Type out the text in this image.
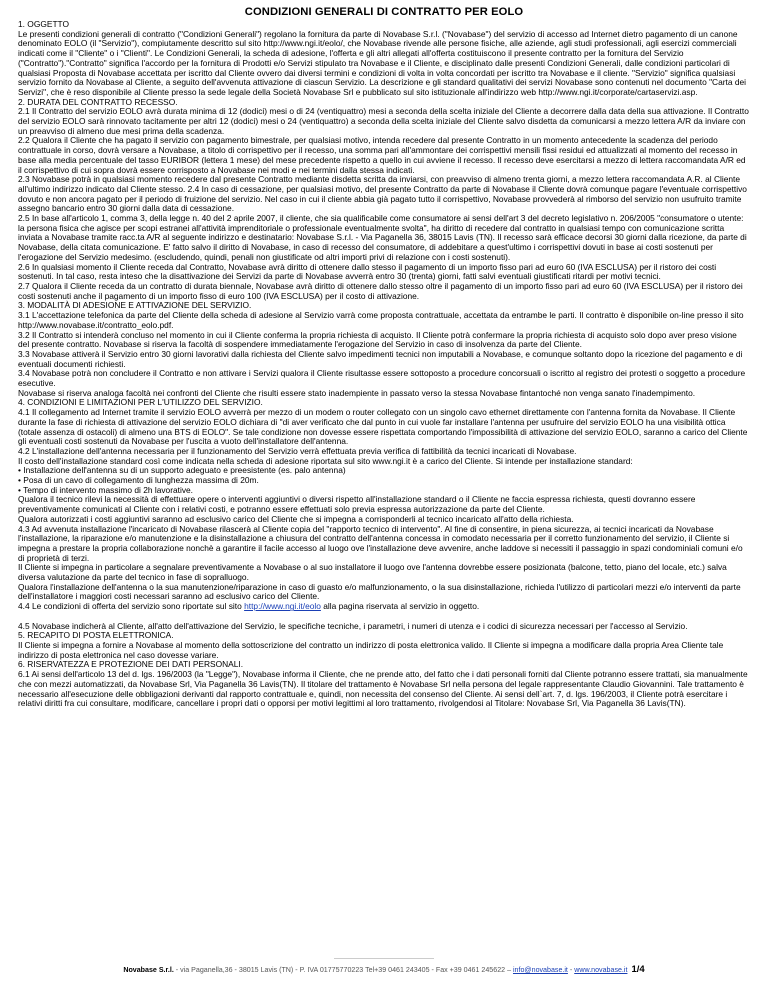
CONDIZIONI GENERALI DI CONTRATTO PER EOLO

1. OGGETTO

Le presenti condizioni generali di contratto ("Condizioni Generali") regolano la fornitura da parte di Novabase S.r.l. ("Novabase") del servizio di accesso ad Internet dietro pagamento di un canone denominato EOLO (il "Servizio"), compiutamente descritto sul sito http://www.ngi.it/eolo/, che Novabase rivende alle persone fisiche, alle aziende, agli studi professionali, agli esercizi commerciali indicati come il "Cliente" o i "Clienti". Le Condizioni Generali, la scheda di adesione, l'offerta e gli altri allegati all'offerta costituiscono il presente contratto per la fornitura del Servizio ("Contratto")."Contratto" significa l'accordo per la fornitura di Prodotti e/o Servizi stipulato tra Novabase e il Cliente, e disciplinato dalle presenti Condizioni Generali, dalle condizioni particolari di qualsiasi Proposta di Novabase accettata per iscritto dal Cliente ovvero dai diversi termini e condizioni di volta in volta concordati per iscritto tra Novabase e il cliente. "Servizio" significa qualsiasi servizio fornito da Novabase al Cliente, a seguito dell'avvenuta attivazione di ciascun Servizio. La descrizione e gli standard qualitativi dei servizi Novabase sono contenuti nel documento "Carta dei Servizi", che è reso disponibile al Cliente presso la sede legale della Società Novabase Srl e pubblicato sul sito istituzionale all'indirizzo web http://www.ngi.it/corporate/cartaservizi.asp.

2. DURATA DEL CONTRATTO RECESSO.

2.1 Il Contratto del servizio EOLO avrà durata minima di 12 (dodici) mesi o di 24 (ventiquattro) mesi a seconda della scelta iniziale del Cliente a decorrere dalla data della sua attivazione. Il Contratto del servizio EOLO sarà rinnovato tacitamente per altri 12 (dodici) mesi o 24 (ventiquattro) a seconda della scelta iniziale del Cliente salvo disdetta da comunicarsi a mezzo lettera A/R da inviare con un preavviso di almeno due mesi prima della scadenza.

2.2 Qualora il Cliente che ha pagato il servizio con pagamento bimestrale, per qualsiasi motivo, intenda recedere dal presente Contratto in un momento antecedente la scadenza del periodo contrattuale in corso, dovrà versare a Novabase, a titolo di corrispettivo per il recesso, una somma pari all'ammontare dei corrispettivi mensili fissi residui ed attualizzati al momento del recesso in base alla media percentuale del tasso EURIBOR (lettera 1 mese) del mese precedente rispetto a quello in cui avviene il recesso. Il recesso deve esercitarsi a mezzo di lettera raccomandata A/R ed il corrispettivo di cui sopra dovrà essere corrisposto a Novabase nei modi e nei termini dalla stessa indicati.

2.3 Novabase potrà in qualsiasi momento recedere dal presente Contratto mediante disdetta scritta da inviarsi, con preavviso di almeno trenta giorni, a mezzo lettera raccomandata A.R. al Cliente all'ultimo indirizzo indicato dal Cliente stesso. 2.4 In caso di cessazione, per qualsiasi motivo, del presente Contratto da parte di Novabase il Cliente dovrà comunque pagare l'eventuale corrispettivo dovuto e non ancora pagato per il periodo di fruizione del servizio. Nel caso in cui il cliente abbia già pagato tutto il corrispettivo, Novabase provvederà al rimborso del servizio non usufruito tramite assegno bancario entro 30 giorni dalla data di cessazione.

2.5 In base all'articolo 1, comma 3, della legge n. 40 del 2 aprile 2007, il cliente, che sia qualificabile come consumatore ai sensi dell'art 3 del decreto legislativo n. 206/2005 "consumatore o utente: la persona fisica che agisce per scopi estranei all'attività imprenditoriale o professionale eventualmente svolta", ha diritto di recedere dal contratto in qualsiasi tempo con comunicazione scritta inviata a Novabase tramite racc.ta A/R al seguente indirizzo e destinatario: Novabase S.r.l. - Via Paganella 36, 38015 Lavis (TN). Il recesso sarà efficace decorsi 30 giorni dalla ricezione, da parte di Novabase, della citata comunicazione. E' fatto salvo il diritto di Novabase, in caso di recesso del consumatore, di addebitare a quest'ultimo i corrispettivi dovuti in base ai costi sostenuti per l'erogazione del Servizio medesimo. (escludendo, quindi, penali non giustificate od altri importi privi di relazione con i costi sostenuti).

2.6 In qualsiasi momento il Cliente receda dal Contratto, Novabase avrà diritto di ottenere dallo stesso il pagamento di un importo fisso pari ad euro 60 (IVA ESCLUSA) per il ristoro dei costi sostenuti. In tal caso, resta inteso che la disattivazione dei Servizi da parte di Novabase avverrà entro 30 (trenta) giorni, fatti salvi eventuali giustificati ritardi per motivi tecnici.

2.7 Qualora il Cliente receda da un contratto di durata biennale, Novabase avrà diritto di ottenere dallo stesso oltre il pagamento di un importo fisso pari ad euro 60 (IVA ESCLUSA) per il ristoro dei costi sostenuti anche il pagamento di un importo fisso di euro 100 (IVA ESCLUSA) per il costo di attivazione.

3. MODALITÀ DI ADESIONE E ATTIVAZIONE DEL SERVIZIO.

3.1 L'accettazione telefonica da parte del Cliente della scheda di adesione al Servizio varrà come proposta contrattuale, accettata da entrambe le parti. Il contratto è disponibile on-line presso il sito http://www.novabase.it/contratto_eolo.pdf.

3.2 Il Contratto si intenderà concluso nel momento in cui il Cliente conferma la propria richiesta di acquisto. Il Cliente potrà confermare la propria richiesta di acquisto solo dopo aver preso visione del presente contratto. Novabase si riserva la facoltà di sospendere immediatamente l'erogazione del Servizio in caso di insolvenza da parte del Cliente.

3.3 Novabase attiverà il Servizio entro 30 giorni lavorativi dalla richiesta del Cliente salvo impedimenti tecnici non imputabili a Novabase, e comunque soltanto dopo la ricezione del pagamento e di eventuali documenti richiesti.

3.4 Novabase potrà non concludere il Contratto e non attivare i Servizi qualora il Cliente risultasse essere sottoposto a procedure concorsuali o iscritto al registro dei protesti o soggetto a procedure esecutive.

Novabase si riserva analoga facoltà nei confronti del Cliente che risulti essere stato inadempiente in passato verso la stessa Novabase fintantoché non venga sanato l'inadempimento.

4. CONDIZIONI E LIMITAZIONI PER L'UTILIZZO DEL SERVIZIO.

4.1 Il collegamento ad Internet tramite il servizio EOLO avverrà per mezzo di un modem o router collegato con un singolo cavo ethernet direttamente con l'antenna fornita da Novabase. Il Cliente durante la fase di richiesta di attivazione del servizio EOLO dichiara di "di aver verificato che dal punto in cui vuole far installare l'antenna per usufruire del servizio EOLO ha una visibilità ottica (totale assenza di ostacoli) di almeno una BTS di EOLO". Se tale condizione non dovesse essere rispettata comportando l'impossibilità di attivazione del servizio EOLO, saranno a carico del Cliente gli eventuali costi sostenuti da Novabase per l'uscita a vuoto dell'installatore dell'antenna.

4.2 L'installazione dell'antenna necessaria per il funzionamento del Servizio verrà effettuata previa verifica di fattibilità da tecnici incaricati di Novabase.

Il costo dell'installazione standard così come indicata nella scheda di adesione riportata sul sito www.ngi.it è a carico del Cliente. Si intende per installazione standard:

• Installazione dell'antenna su di un supporto adeguato e preesistente (es. palo antenna)

• Posa di un cavo di collegamento di lunghezza massima di 20m.

• Tempo di intervento massimo di 2h lavorative.

Qualora il tecnico rilevi la necessità di effettuare opere o interventi aggiuntivi o diversi rispetto all'installazione standard o il Cliente ne faccia espressa richiesta, questi dovranno essere preventivamente comunicati al Cliente con i relativi costi, e potranno essere effettuati solo previa espressa autorizzazione da parte del Cliente.

Qualora autorizzati i costi aggiuntivi saranno ad esclusivo carico del Cliente che si impegna a corrisponderli al tecnico incaricato all'atto della richiesta.

4.3 Ad avvenuta installazione l'incaricato di Novabase rilascerà al Cliente copia del "rapporto tecnico di intervento". Al fine di consentire, in piena sicurezza, ai tecnici incaricati da Novabase l'installazione, la riparazione e/o manutenzione e la disinstallazione a chiusura del contratto dell'antenna concessa in comodato necessaria per il corretto funzionamento del servizio, il Cliente si impegna a prestare la propria collaborazione nonchè a garantire il facile accesso al luogo ove l'installazione deve avvenire, anche laddove si necessiti il passaggio in spazi condominiali comuni e/o di proprietà di terzi.

Il Cliente si impegna in particolare a segnalare preventivamente a Novabase o al suo installatore il luogo ove l'antenna dovrebbe essere posizionata (balcone, tetto, piano del locale, etc.) salva diversa valutazione da parte del tecnico in fase di sopralluogo.

Qualora l'installazione dell'antenna o la sua manutenzione/riparazione in caso di guasto e/o malfunzionamento, o la sua disinstallazione, richieda l'utilizzo di particolari mezzi e/o interventi da parte dell'installatore i maggiori costi necessari saranno ad esclusivo carico del Cliente.

4.4 Le condizioni di offerta del servizio sono riportate sul sito http://www.ngi.it/eolo alla pagina riservata al servizio in oggetto.

4.5 Novabase indicherà al Cliente, all'atto dell'attivazione del Servizio, le specifiche tecniche, i parametri, i numeri di utenza e i codici di sicurezza necessari per l'accesso al Servizio.

5. RECAPITO DI POSTA ELETTRONICA.

Il Cliente si impegna a fornire a Novabase al momento della sottoscrizione del contratto un indirizzo di posta elettronica valido. Il Cliente si impegna a modificare dalla propria Area Cliente tale indirizzo di posta elettronica nel caso dovesse variare.

6. RISERVATEZZA E PROTEZIONE DEI DATI PERSONALI.

6.1 Ai sensi dell'articolo 13 del d. lgs. 196/2003 (la "Legge"), Novabase informa il Cliente, che ne prende atto, del fatto che i dati personali forniti dal Cliente potranno essere trattati, sia manualmente che con mezzi automatizzati, da Novabase Srl, Via Paganella 36 Lavis(TN). Il titolare del trattamento è Novabase Srl nella persona del legale rappresentante Claudio Giovannini. Tale trattamento è necessario all'esecuzione delle obbligazioni derivanti dal rapporto contrattuale e, quindi, non necessita del consenso del Cliente. Ai sensi dell`art. 7, d. lgs. 196/2003, il Cliente potrà esercitare i relativi diritti fra cui consultare, modificare, cancellare i propri dati o opporsi per motivi legittimi al loro trattamento, rivolgendosi al Titolare: Novabase Srl, Via Paganella 36 Lavis(TN).

Novabase S.r.l. - via Paganella,36 - 38015 Lavis (TN) - P. IVA 01775770223 Tel+39 0461 243405 - Fax +39 0461 245622 – info@novabase.it - www.novabase.it 1/4
